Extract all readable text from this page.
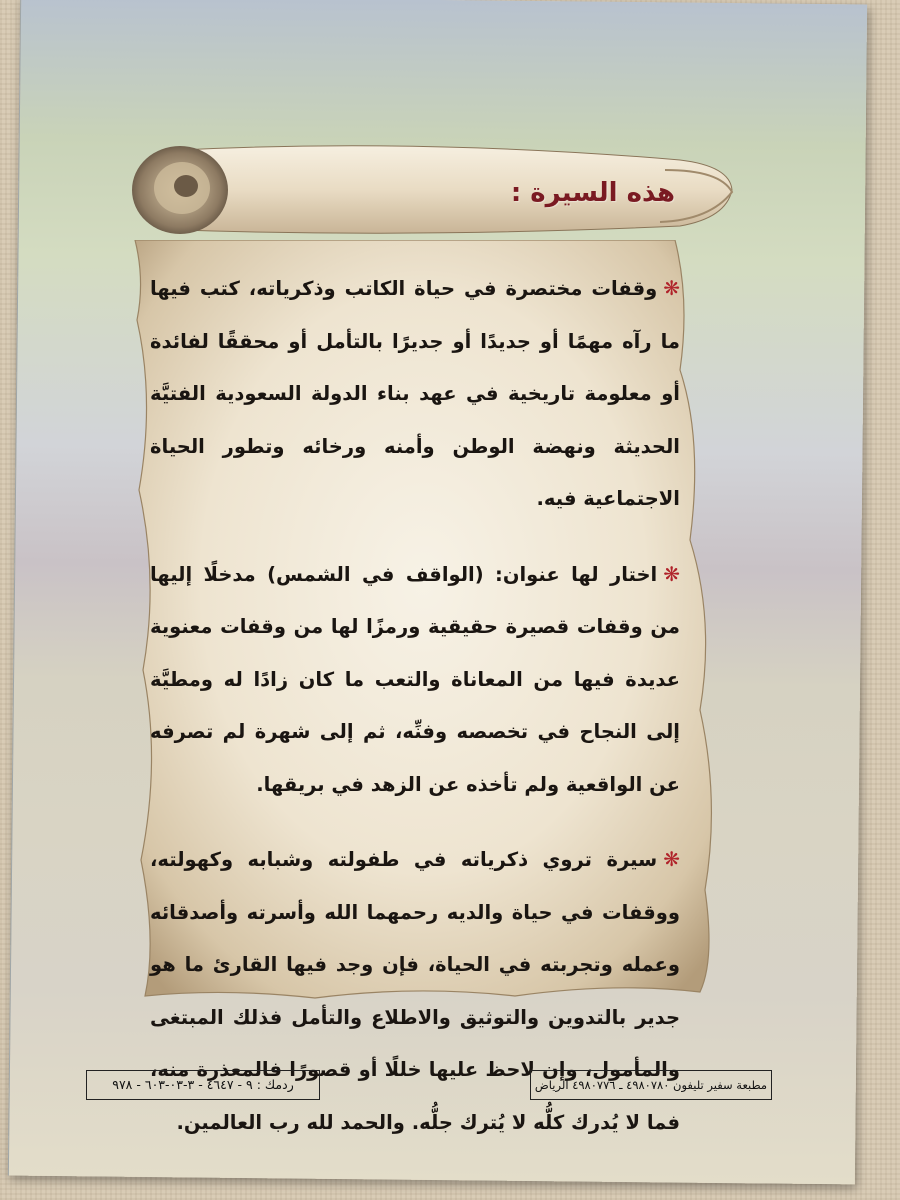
هذه السيرة :

❋وقفات مختصرة في حياة الكاتب وذكرياته، كتب فيها ما رآه مهمًا أو جديدًا أو جديرًا بالتأمل أو محققًا لفائدة أو معلومة تاريخية في عهد بناء الدولة السعودية الفتيَّة الحديثة ونهضة الوطن وأمنه ورخائه وتطور الحياة الاجتماعية فيه.

❋اختار لها عنوان: (الواقف في الشمس) مدخلًا إليها من وقفات قصيرة حقيقية ورمزًا لها من وقفات معنوية عديدة فيها من المعاناة والتعب ما كان زادًا له ومطيَّة إلى النجاح في تخصصه وفنِّه، ثم إلى شهرة لم تصرفه عن الواقعية ولم تأخذه عن الزهد في بريقها.

❋سيرة تروي ذكرياته في طفولته وشبابه وكهولته، ووقفات في حياة والديه رحمهما الله وأسرته وأصدقائه وعمله وتجربته في الحياة، فإن وجد فيها القارئ ما هو جدير بالتدوين والتوثيق والاطلاع والتأمل فذلك المبتغى والمأمول، وإن لاحظ عليها خللًا أو قصورًا فالمعذرة منه، فما لا يُدرك كلُّه لا يُترك جلُّه. والحمد لله رب العالمين.

ردمك : ٩ - ٤٦٤٧ - ٣-٠٣-٦٠٣ - ٩٧٨	مطبعة سفير تليفون ٤٩٨٠٧٨٠ ـ ٤٩٨٠٧٧٦ الرياض
